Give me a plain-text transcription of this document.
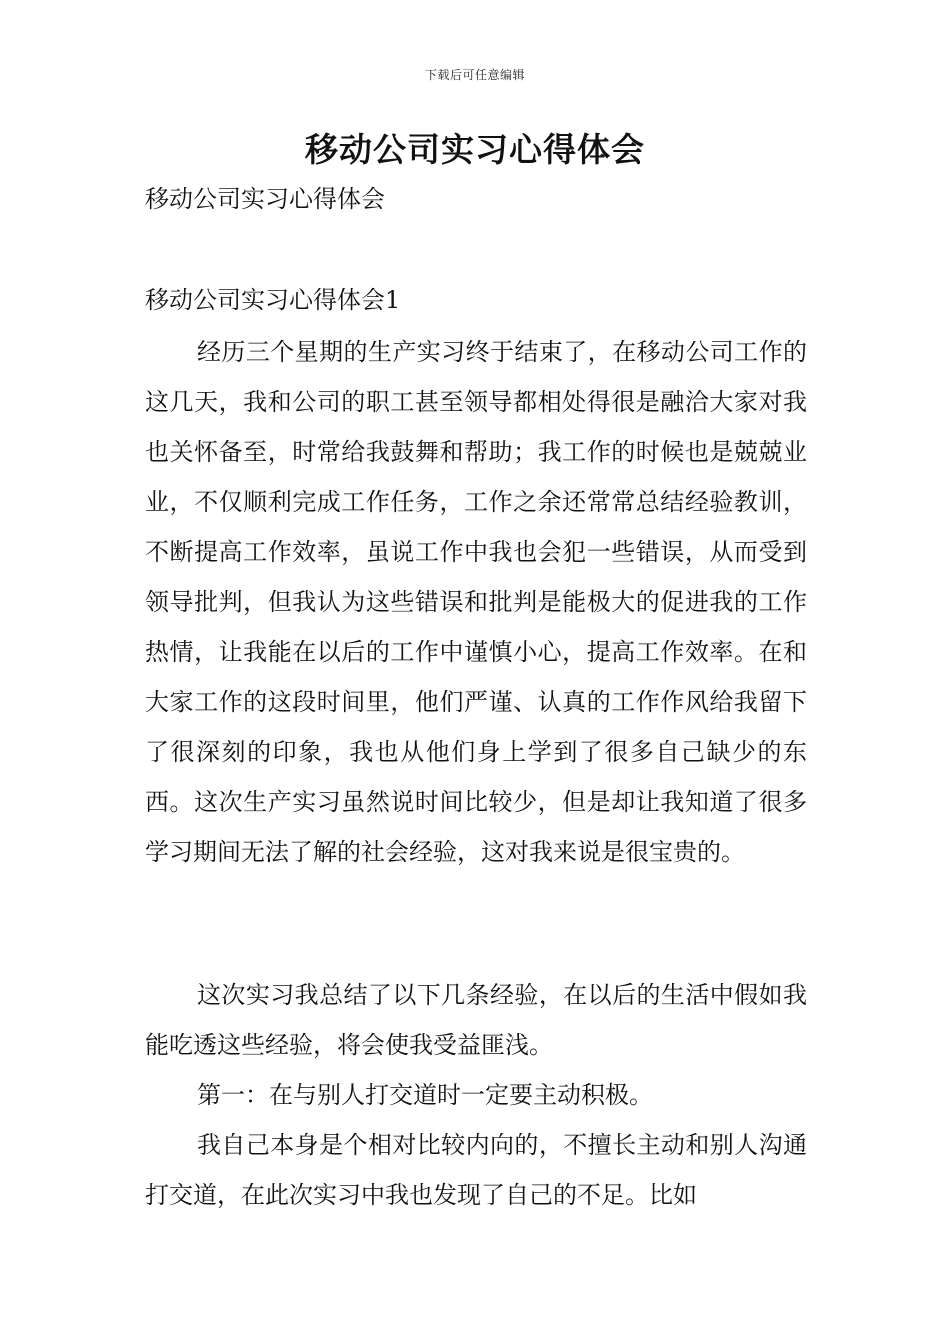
下载后可任意编辑
移动公司实习心得体会
移动公司实习心得体会
移动公司实习心得体会1

经历三个星期的生产实习终于结束了，在移动公司工作的这几天，我和公司的职工甚至领导都相处得很是融洽大家对我也关怀备至，时常给我鼓舞和帮助；我工作的时候也是兢兢业业，不仅顺利完成工作任务，工作之余还常常总结经验教训，不断提高工作效率，虽说工作中我也会犯一些错误，从而受到领导批判，但我认为这些错误和批判是能极大的促进我的工作热情，让我能在以后的工作中谨慎小心，提高工作效率。在和大家工作的这段时间里，他们严谨、认真的工作作风给我留下了很深刻的印象，我也从他们身上学到了很多自己缺少的东西。这次生产实习虽然说时间比较少，但是却让我知道了很多学习期间无法了解的社会经验，这对我来说是很宝贵的。

这次实习我总结了以下几条经验，在以后的生活中假如我能吃透这些经验，将会使我受益匪浅。

第一：在与别人打交道时一定要主动积极。

我自己本身是个相对比较内向的，不擅长主动和别人沟通打交道，在此次实习中我也发现了自己的不足。比如
